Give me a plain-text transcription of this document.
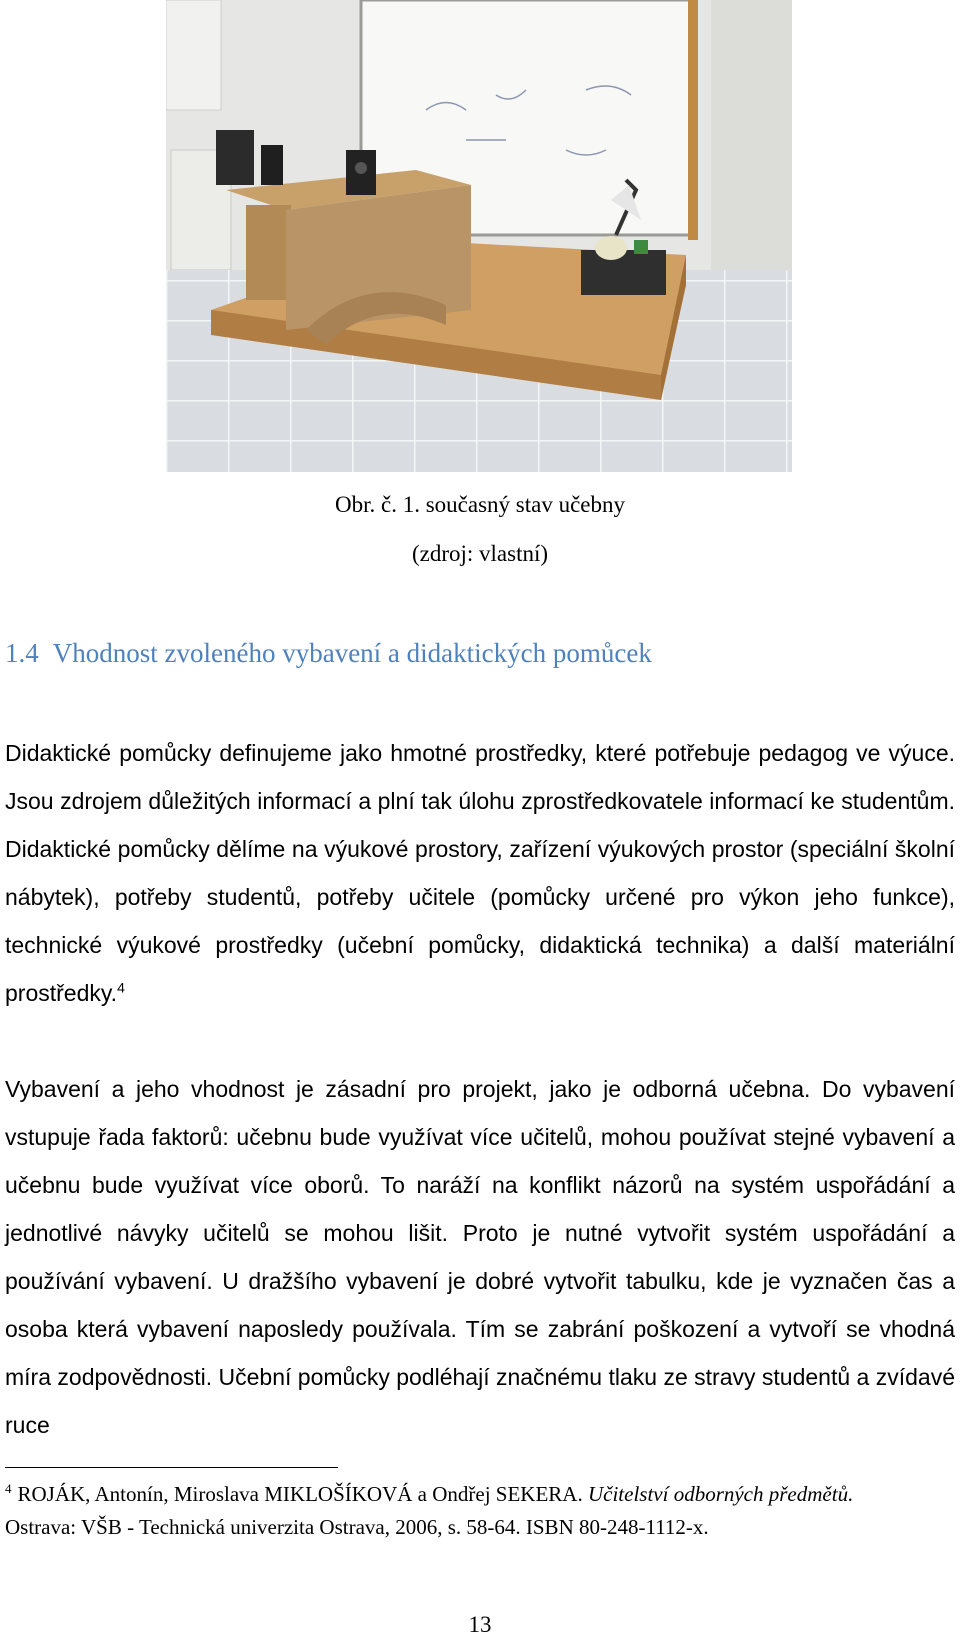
Obr. č. 1. současný stav učebny
(zdroj: vlastní)
1.4 Vhodnost zvoleného vybavení a didaktických pomůcek

Didaktické pomůcky definujeme jako hmotné prostředky, které potřebuje pedagog ve výuce. Jsou zdrojem důležitých informací a plní tak úlohu zprostředkovatele informací ke studentům. Didaktické pomůcky dělíme na výukové prostory, zařízení výukových prostor (speciální školní nábytek), potřeby studentů, potřeby učitele (pomůcky určené pro výkon jeho funkce), technické výukové prostředky (učební pomůcky, didaktická technika) a další materiální prostředky.$^4$

Vybavení a jeho vhodnost je zásadní pro projekt, jako je odborná učebna. Do vybavení vstupuje řada faktorů: učebnu bude využívat více učitelů, mohou používat stejné vybavení a učebnu bude využívat více oborů. To naráží na konflikt názorů na systém uspořádání a jednotlivé návyky učitelů se mohou lišit. Proto je nutné vytvořit systém uspořádání a používání vybavení. U dražšího vybavení je dobré vytvořit tabulku, kde je vyznačen čas a osoba která vybavení naposledy používala. Tím se zabrání poškození a vytvoří se vhodná míra zodpovědnosti. Učební pomůcky podléhají značnému tlaku ze stravy studentů a zvídavé ruce

$^4$ ROJÁK, Antonín, Miroslava MIKLOŠÍKOVÁ a Ondřej SEKERA. Učitelství odborných předmětů.
Ostrava: VŠB - Technická univerzita Ostrava, 2006, s. 58-64. ISBN 80-248-1112-x.

13
